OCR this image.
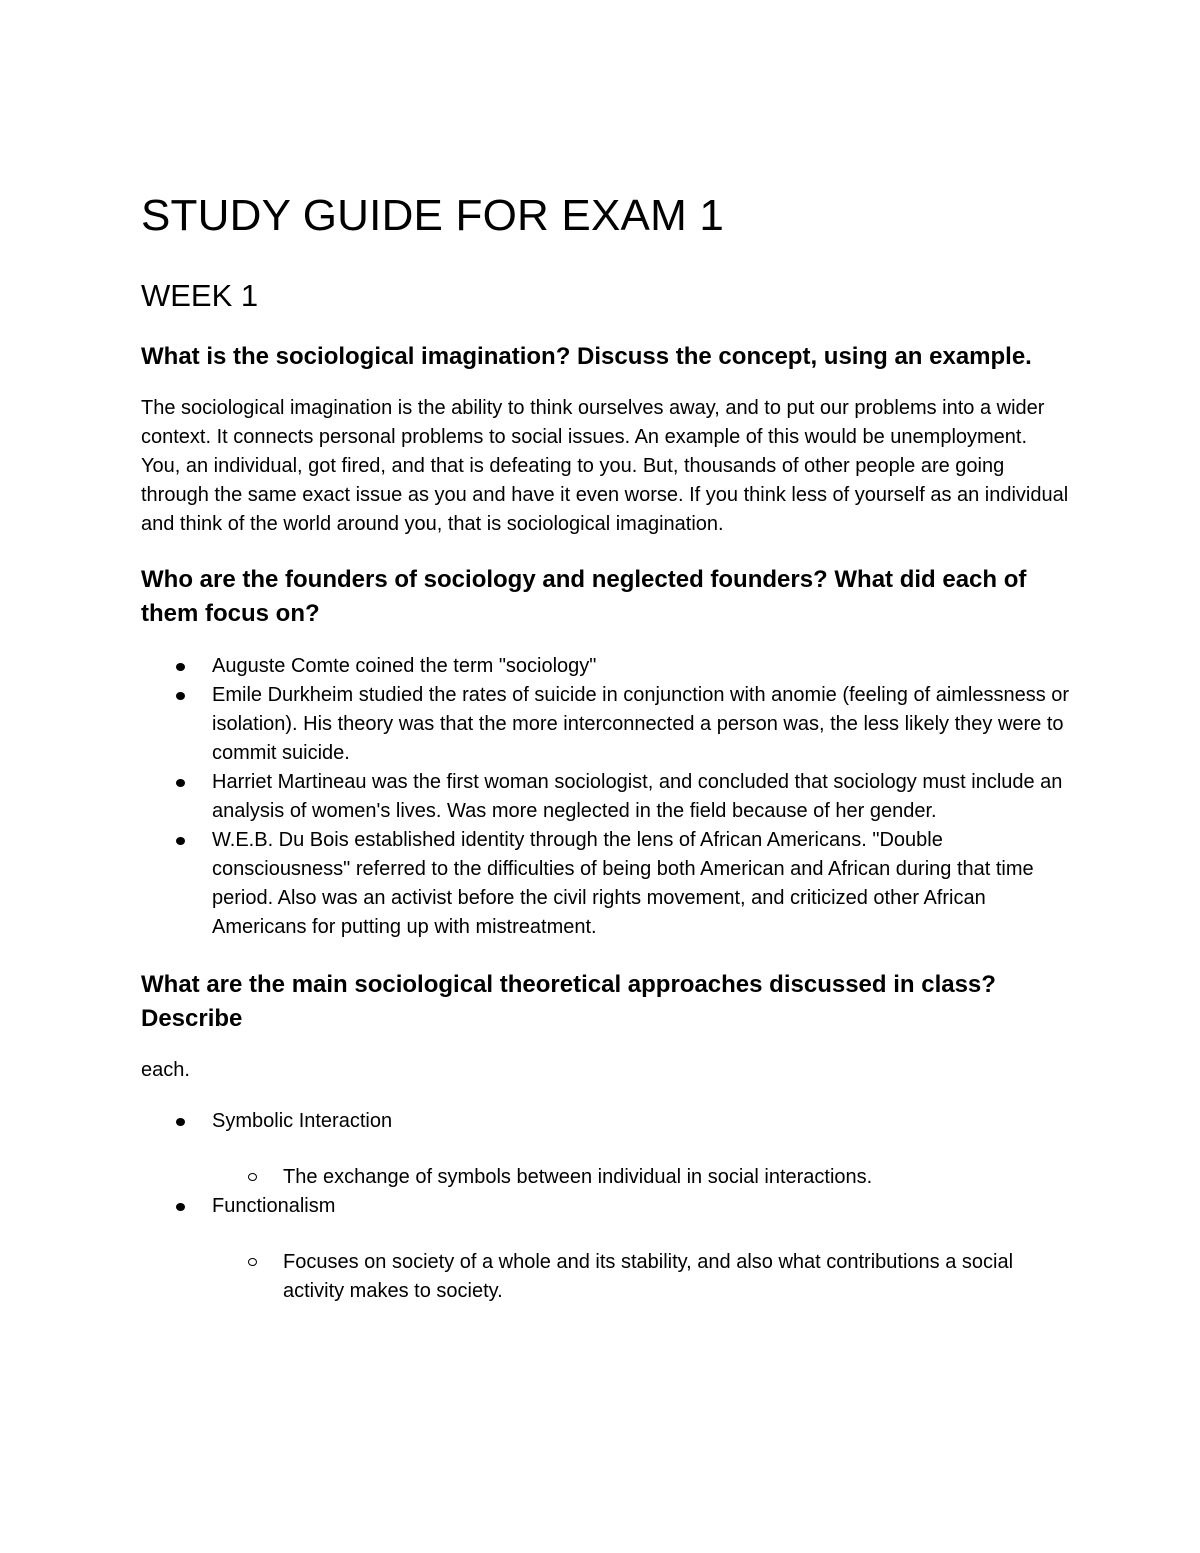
STUDY GUIDE FOR EXAM 1
WEEK 1
What is the sociological imagination? Discuss the concept, using an example.

The sociological imagination is the ability to think ourselves away, and to put our problems into a wider context. It connects personal problems to social issues. An example of this would be unemployment. You, an individual, got fired, and that is defeating to you. But, thousands of other people are going through the same exact issue as you and have it even worse. If you think less of yourself as an individual and think of the world around you, that is sociological imagination.

Who are the founders of sociology and neglected founders? What did each of them focus on?
Auguste Comte coined the term "sociology"
Emile Durkheim studied the rates of suicide in conjunction with anomie (feeling of aimlessness or isolation). His theory was that the more interconnected a person was, the less likely they were to commit suicide.
Harriet Martineau was the first woman sociologist, and concluded that sociology must include an analysis of women's lives. Was more neglected in the field because of her gender.
W.E.B. Du Bois established identity through the lens of African Americans. "Double consciousness" referred to the difficulties of being both American and African during that time period. Also was an activist before the civil rights movement, and criticized other African Americans for putting up with mistreatment.
What are the main sociological theoretical approaches discussed in class? Describe

each.

Symbolic Interaction
The exchange of symbols between individual in social interactions.
Functionalism
Focuses on society of a whole and its stability, and also what contributions a social activity makes to society.
